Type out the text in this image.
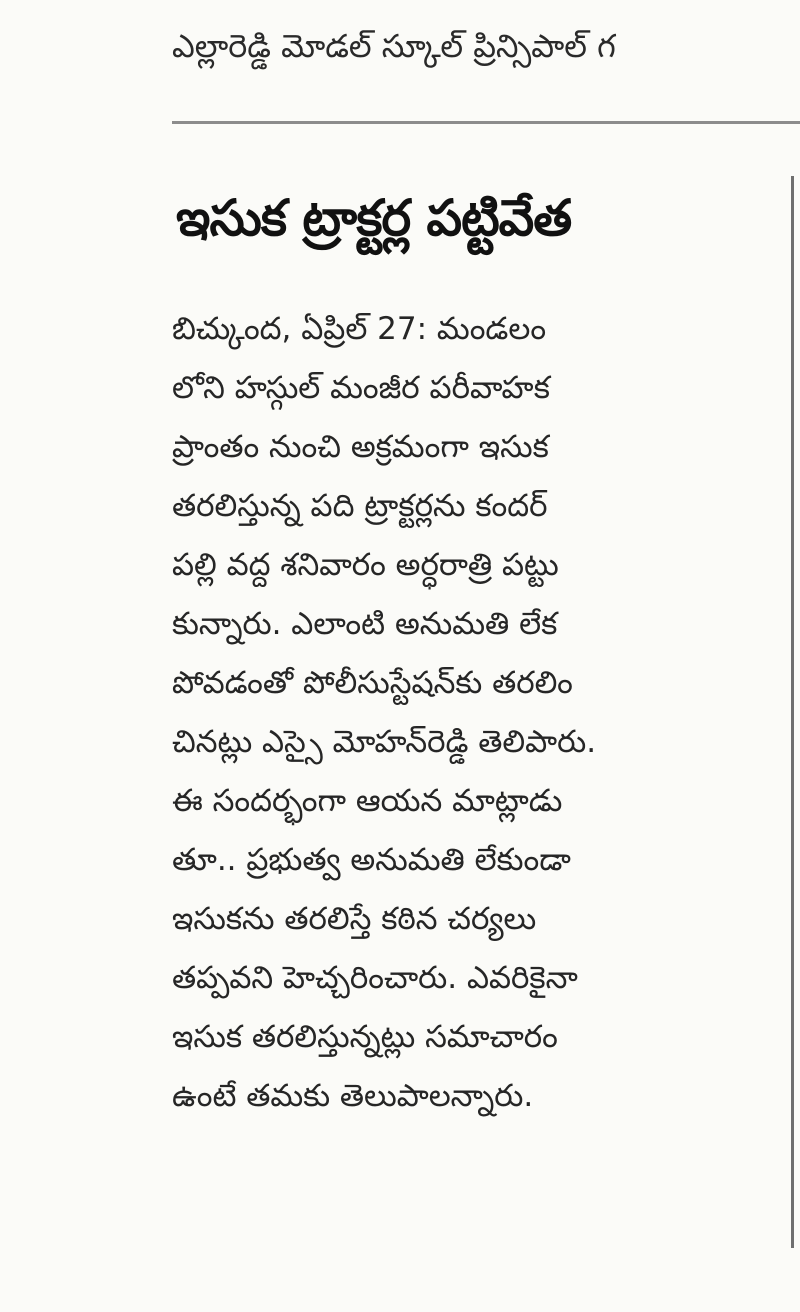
ఎల్లారెడ్డి మోడల్ స్కూల్ ప్రిన్సిపాల్ గ
ఇసుక ట్రాక్టర్ల పట్టివేత
బిచ్కుంద, ఏప్రిల్ 27: మండలం
లోని హస్గుల్ మంజీర పరీవాహక
ప్రాంతం నుంచి అక్రమంగా ఇసుక
తరలిస్తున్న పది ట్రాక్టర్లను కందర్
పల్లి వద్ద శనివారం అర్ధరాత్రి పట్టు
కున్నారు. ఎలాంటి అనుమతి లేక
పోవడంతో పోలీసుస్టేషన్‌కు తరలిం
చినట్లు ఎస్సై మోహన్‌రెడ్డి తెలిపారు.
ఈ సందర్భంగా ఆయన మాట్లాడు
తూ.. ప్రభుత్వ అనుమతి లేకుండా
ఇసుకను తరలిస్తే కఠిన చర్యలు
తప్పవని హెచ్చరించారు. ఎవరికైనా
ఇసుక తరలిస్తున్నట్లు సమాచారం
ఉంటే తమకు తెలుపాలన్నారు.
